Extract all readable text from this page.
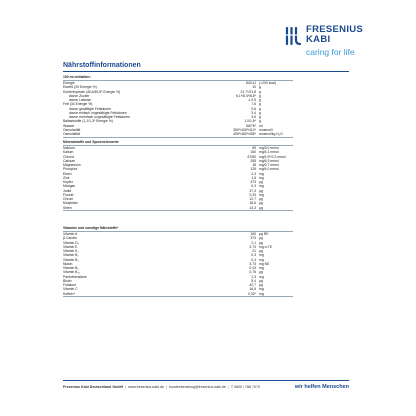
FRESENIUS
KABI
caring for life
Nährstoffinformationen
100 ml enthalten:
Energie	840 kJ (=200 kcal)
Eiweiß (20 Energie %)	10 g
Kohlenhydrate (45,4/45,5* Energie %)	21,7*/21,8 g
davon Zucker	6,1*/8,4*/8,8* g
davon Laktose	≤ 0,5 g
Fett (34 Energie %)	7,6 g
davon gesättigte Fettsäuren	0,6 g
davon einfach ungesättigte Fettsäuren	3,4 g
davon mehrfach ungesättigte Fettsäuren	3,6 g
Ballaststoffe (1,1/1,3* Energie %)	1,0/1,6* g
Wasser	68/76* ml
Osmolarität	390*/405*/410* mosmol/l
Osmolalität	455*/460*/455* mosmol/kg H₂O
Mineralstoffe und Spurenelemente
Natrium	69 mg/3,0 mmol
Kalium	160 mg/4,1 mmol
Chlorid	67/80 mg/1,9*/2,3 mmol
Calcium	255 mg/6,3 mmol
Magnesium	18 mg/0,7 mmol
Phosphor	125 mg/4,0 mmol
Eisen	2,3 mg
Zink	1,6 mg
Kupfer	373 µg
Mangan	0,3 mg
Jodid	37,3 µg
Fluorid	0,33 mg
Chrom	12,7 µg
Molybdän	18,6 µg
Selen	13,3 µg
Vitamine und sonstige Nährstoffe*
Vitamin A	160 µg RE
β-Carotin	373 µg
Vitamin D₃	2,1 µg
Vitamin E	3,73 mg α-TE
Vitamin K₁	21 µg
Vitamin B₁	0,3 mg
Vitamin B₂	0,4 mg
Niacin	3,73 mg NE
Vitamin B₆	0,43 mg
Vitamin B₁₂	0,75 µg
Pantothensäure	1,3 mg
Biotin	5,4 µg
Folsäure	42,7 µg
Vitamin C	16,8 mg
Koffein*	0,32* mg
Fresenius Kabi Deutschland GmbH | www.fresenius-kabi.de | kundenberatung@fresenius-kabi.de | T 0800 / 788 7070	wir helfen Menschen
